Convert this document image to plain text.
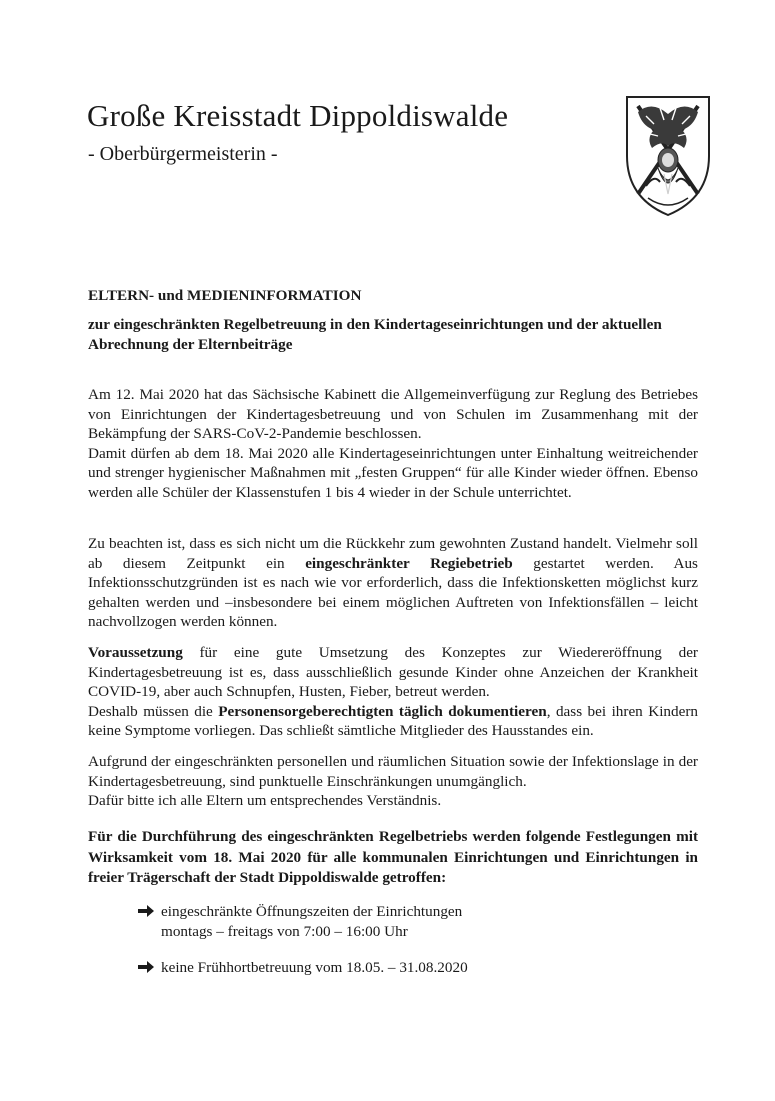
Große Kreisstadt Dippoldiswalde
- Oberbürgermeisterin -
ELTERN- und MEDIENINFORMATION
zur eingeschränkten Regelbetreuung in den Kindertageseinrichtungen und der aktuellen Abrechnung der Elternbeiträge

Am 12. Mai 2020 hat das Sächsische Kabinett die Allgemeinverfügung zur Reglung des Betriebes von Einrichtungen der Kindertagesbetreuung und von Schulen im Zusammenhang mit der Bekämpfung der SARS-CoV-2-Pandemie beschlossen.

Damit dürfen ab dem 18. Mai 2020 alle Kindertageseinrichtungen unter Einhaltung weitreichender und strenger hygienischer Maßnahmen mit „festen Gruppen“ für alle Kinder wieder öffnen. Ebenso werden alle Schüler der Klassenstufen 1 bis 4 wieder in der Schule unterrichtet.

Zu beachten ist, dass es sich nicht um die Rückkehr zum gewohnten Zustand handelt. Vielmehr soll ab diesem Zeitpunkt ein eingeschränkter Regiebetrieb gestartet werden. Aus Infektionsschutzgründen ist es nach wie vor erforderlich, dass die Infektionsketten möglichst kurz gehalten werden und –insbesondere bei einem möglichen Auftreten von Infektionsfällen – leicht nachvollzogen werden können.

Voraussetzung für eine gute Umsetzung des Konzeptes zur Wiedereröffnung der Kindertagesbetreuung ist es, dass ausschließlich gesunde Kinder ohne Anzeichen der Krankheit COVID-19, aber auch Schnupfen, Husten, Fieber, betreut werden.

Deshalb müssen die Personensorgeberechtigten täglich dokumentieren, dass bei ihren Kindern keine Symptome vorliegen. Das schließt sämtliche Mitglieder des Hausstandes ein.

Aufgrund der eingeschränkten personellen und räumlichen Situation sowie der Infektionslage in der Kindertagesbetreuung, sind punktuelle Einschränkungen unumgänglich.

Dafür bitte ich alle Eltern um entsprechendes Verständnis.

Für die Durchführung des eingeschränkten Regelbetriebs werden folgende Festlegungen mit Wirksamkeit vom 18. Mai 2020 für alle kommunalen Einrichtungen und Einrichtungen in freier Trägerschaft der Stadt Dippoldiswalde getroffen:
eingeschränkte Öffnungszeiten der Einrichtungen
montags – freitags von 7:00 – 16:00 Uhr
keine Frühhortbetreuung vom 18.05. – 31.08.2020
